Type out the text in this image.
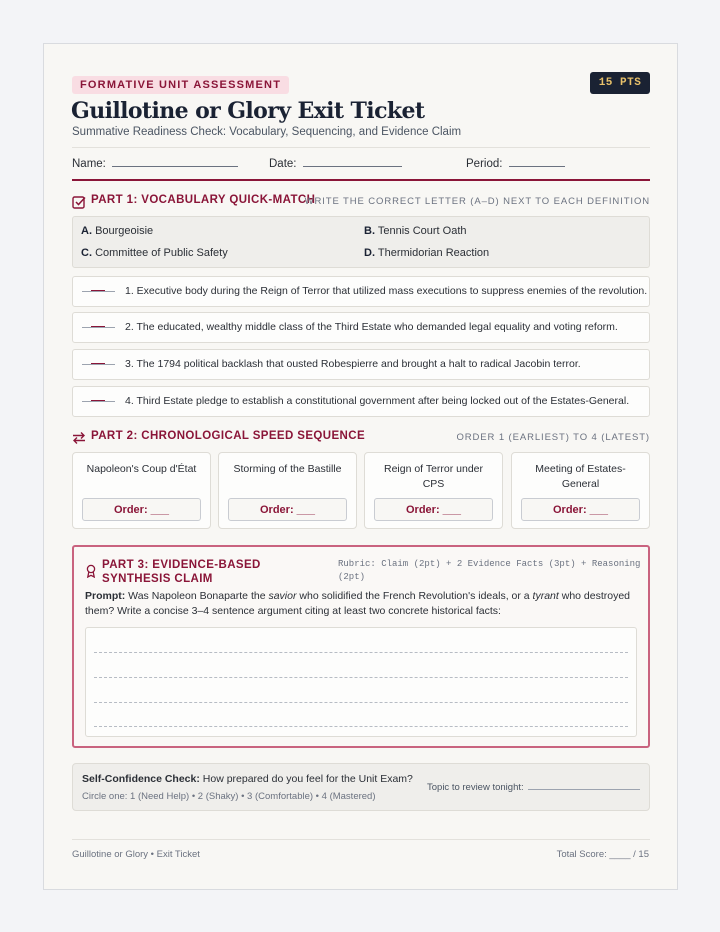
FORMATIVE UNIT ASSESSMENT	15 PTS
Guillotine or Glory Exit Ticket
Summative Readiness Check: Vocabulary, Sequencing, and Evidence Claim
Name:	Date:	Period:
PART 1: VOCABULARY QUICK-MATCH
WRITE THE CORRECT LETTER (A–D) NEXT TO EACH DEFINITION
A. Bourgeoisie	B. Tennis Court Oath
C. Committee of Public Safety	D. Thermidorian Reaction
1. Executive body during the Reign of Terror that utilized mass executions to suppress enemies of the revolution.
2. The educated, wealthy middle class of the Third Estate who demanded legal equality and voting reform.
3. The 1794 political backlash that ousted Robespierre and brought a halt to radical Jacobin terror.
4. Third Estate pledge to establish a constitutional government after being locked out of the Estates-General.
PART 2: CHRONOLOGICAL SPEED SEQUENCE	ORDER 1 (EARLIEST) TO 4 (LATEST)
Napoleon's Coup d'État
Order: ___
Storming of the Bastille
Order: ___
Reign of Terror under CPS
Order: ___
Meeting of Estates-General
Order: ___
PART 3: EVIDENCE-BASED SYNTHESIS CLAIM
Rubric: Claim (2pt) + 2 Evidence Facts (3pt) + Reasoning (2pt)
Prompt: Was Napoleon Bonaparte the savior who solidified the French Revolution's ideals, or a tyrant who destroyed them? Write a concise 3–4 sentence argument citing at least two concrete historical facts:
Self-Confidence Check: How prepared do you feel for the Unit Exam?
Circle one: 1 (Need Help) • 2 (Shaky) • 3 (Comfortable) • 4 (Mastered)
Topic to review tonight:
Guillotine or Glory • Exit Ticket	Total Score: ____ / 15
